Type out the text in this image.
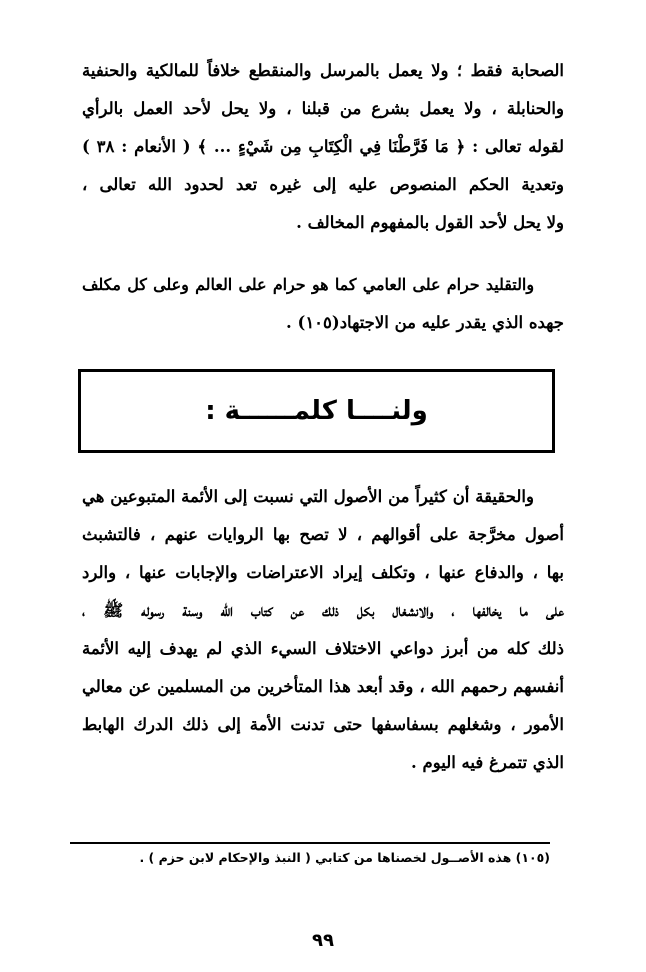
الصحابة فقط ؛ ولا يعمل بالمرسل والمنقطع خلافاً للمالكية والحنفية
والحنابلة ، ولا يعمل بشرع من قبلنا ، ولا يحل لأحد العمل بالرأي
لقوله تعالى : ﴿ مَا فَرَّطْنَا فِي الْكِتَابِ مِن شَيْءٍ ... ﴾ ( الأنعام : ٣٨ )
وتعدية الحكم المنصوص عليه إلى غيره تعد لحدود الله تعالى ،
ولا يحل لأحد القول بالمفهوم المخالف .
والتقليد حرام على العامي كما هو حرام على العالم وعلى كل مكلف
جهده الذي يقدر عليه من الاجتهاد(١٠٥) .
ولنــــا كلمــــــة :
والحقيقة أن كثيراً من الأصول التي نسبت إلى الأئمة المتبوعين هي
أصول مخرَّجة على أقوالهم ، لا تصح بها الروايات عنهم ، فالتشبث
بها ، والدفاع عنها ، وتكلف إيراد الاعتراضات والإجابات عنها ، والرد
على ما يخالفها ، والانشغال بكل ذلك عن كتاب الله وسنة رسوله ﷺ ،
ذلك كله من أبرز دواعي الاختلاف السيء الذي لم يهدف إليه الأئمة
أنفسهم رحمهم الله ، وقد أبعد هذا المتأخرين من المسلمين عن معالي
الأمور ، وشغلهم بسفاسفها حتى تدنت الأمة إلى ذلك الدرك الهابط
الذي تتمرغ فيه اليوم .
(١٠٥) هذه الأصــول لخصناها من كتابي ( النبذ والإحكام لابن حزم ) .
٩٩
